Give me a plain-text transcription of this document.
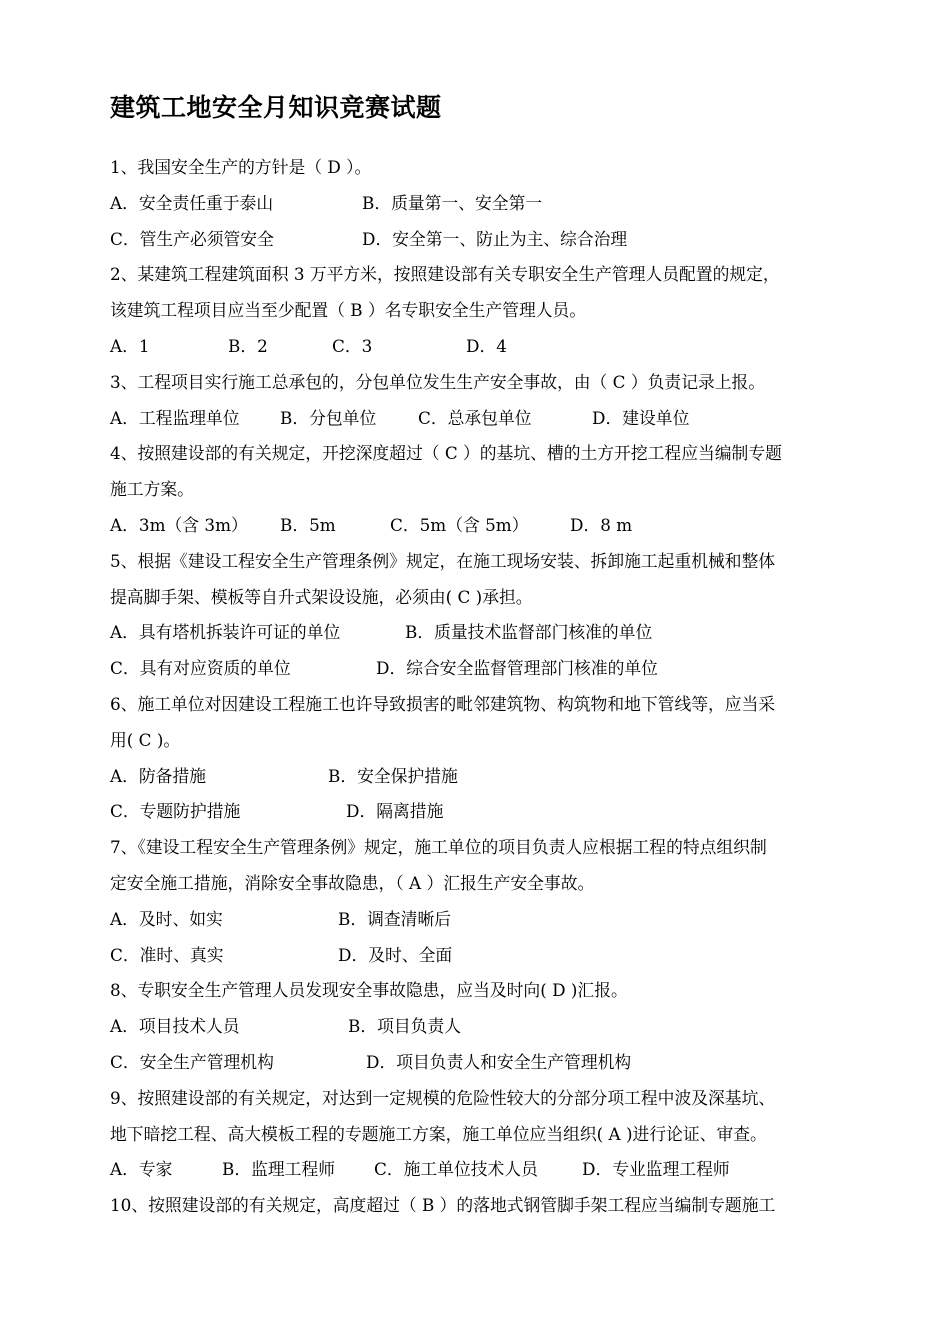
建筑工地安全月知识竞赛试题
1、我国安全生产的方针是（ D ）。
A．安全责任重于泰山	B．质量第一、安全第一
C．管生产必须管安全	D．安全第一、防止为主、综合治理
2、某建筑工程建筑面积 3 万平方米，按照建设部有关专职安全生产管理人员配置的规定，
该建筑工程项目应当至少配置（ B ）名专职安全生产管理人员。
A．1	B．2	C．3	D．4
3、工程项目实行施工总承包的，分包单位发生生产安全事故，由（ C ）负责记录上报。
A．工程监理单位 B．分包单位 C．总承包单位	D．建设单位
4、按照建设部的有关规定，开挖深度超过（ C ）的基坑、槽的土方开挖工程应当编制专题
施工方案。
A．3m（含 3m） B．5m	C．5m（含 5m） D．8 m
5、根据《建设工程安全生产管理条例》规定，在施工现场安装、拆卸施工起重机械和整体
提高脚手架、模板等自升式架设设施，必须由( C )承担。
A．具有塔机拆装许可证的单位	B．质量技术监督部门核准的单位
C．具有对应资质的单位	D．综合安全监督管理部门核准的单位
6、施工单位对因建设工程施工也许导致损害的毗邻建筑物、构筑物和地下管线等，应当采
用( C )。
A．防备措施	B．安全保护措施
C．专题防护措施	D．隔离措施
7、《建设工程安全生产管理条例》规定，施工单位的项目负责人应根据工程的特点组织制
定安全施工措施，消除安全事故隐患，（ A ）汇报生产安全事故。
A．及时、如实	B．调查清晰后
C．准时、真实	D．及时、全面
8、专职安全生产管理人员发现安全事故隐患，应当及时向( D )汇报。
A．项目技术人员	B．项目负责人
C．安全生产管理机构	D．项目负责人和安全生产管理机构
9、按照建设部的有关规定，对达到一定规模的危险性较大的分部分项工程中波及深基坑、
地下暗挖工程、高大模板工程的专题施工方案，施工单位应当组织( A )进行论证、审查。
A．专家	B．监理工程师 C．施工单位技术人员	D．专业监理工程师
10、按照建设部的有关规定，高度超过（ B ）的落地式钢管脚手架工程应当编制专题施工
